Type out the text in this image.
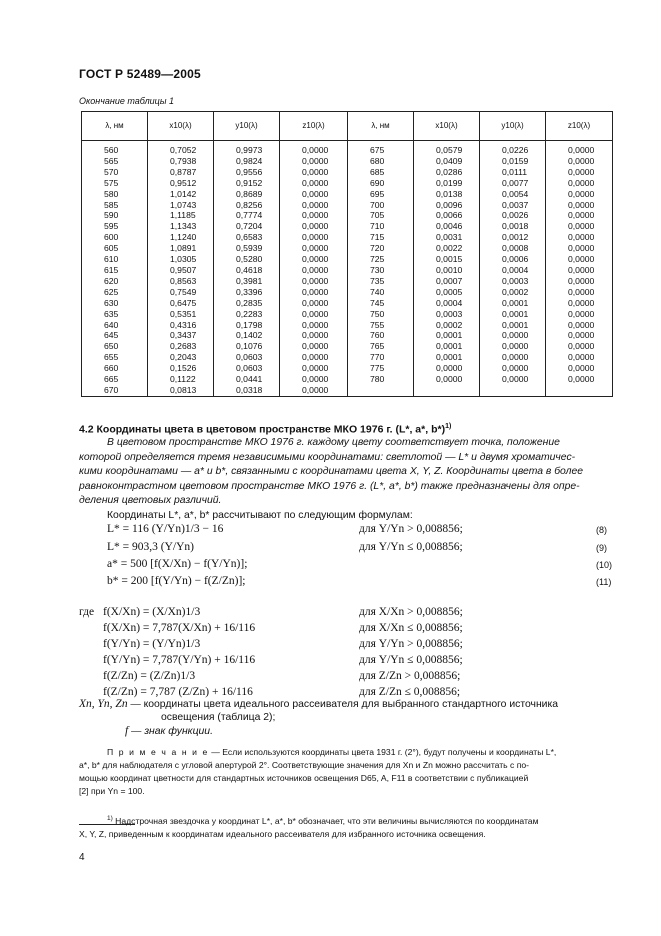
ГОСТ Р 52489—2005
Окончание таблицы 1
λ, нм	x10(λ)	y10(λ)	z10(λ)	λ, нм	x10(λ)	y10(λ)	z10(λ)
560	0,7052	0,9973	0,0000	675	0,0579	0,0226	0,0000
565	0,7938	0,9824	0,0000	680	0,0409	0,0159	0,0000
570	0,8787	0,9556	0,0000	685	0,0286	0,0111	0,0000
575	0,9512	0,9152	0,0000	690	0,0199	0,0077	0,0000
580	1,0142	0,8689	0,0000	695	0,0138	0,0054	0,0000
585	1,0743	0,8256	0,0000	700	0,0096	0,0037	0,0000
590	1,1185	0,7774	0,0000	705	0,0066	0,0026	0,0000
595	1,1343	0,7204	0,0000	710	0,0046	0,0018	0,0000
600	1,1240	0,6583	0,0000	715	0,0031	0,0012	0,0000
605	1,0891	0,5939	0,0000	720	0,0022	0,0008	0,0000
610	1,0305	0,5280	0,0000	725	0,0015	0,0006	0,0000
615	0,9507	0,4618	0,0000	730	0,0010	0,0004	0,0000
620	0,8563	0,3981	0,0000	735	0,0007	0,0003	0,0000
625	0,7549	0,3396	0,0000	740	0,0005	0,0002	0,0000
630	0,6475	0,2835	0,0000	745	0,0004	0,0001	0,0000
635	0,5351	0,2283	0,0000	750	0,0003	0,0001	0,0000
640	0,4316	0,1798	0,0000	755	0,0002	0,0001	0,0000
645	0,3437	0,1402	0,0000	760	0,0001	0,0000	0,0000
650	0,2683	0,1076	0,0000	765	0,0001	0,0000	0,0000
655	0,2043	0,0603	0,0000	770	0,0001	0,0000	0,0000
660	0,1526	0,0603	0,0000	775	0,0000	0,0000	0,0000
665	0,1122	0,0441	0,0000	780	0,0000	0,0000	0,0000
670	0,0813	0,0318	0,0000				
4.2 Координаты цвета в цветовом пространстве МКО 1976 г. (L*, a*, b*)$^{1)}$
В цветовом пространстве МКО 1976 г. каждому цвету соответствует точка, положение
которой определяется тремя независимыми координатами: светлотой — L* и двумя хроматичес-
кими координатами — a* и b*, связанными с координатами цвета X, Y, Z. Координаты цвета в более
равноконтрастном цветовом пространстве МКО 1976 г. (L*, a*, b*) также предназначены для опре-
деления цветовых различий.
Координаты L*, a*, b* рассчитывают по следующим формулам:
L* = 116 (Y/Yn)1/3 − 16	для Y/Yn > 0,008856;	(8)
L* = 903,3 (Y/Yn)	для Y/Yn ≤ 0,008856;	(9)
a* = 500 [f(X/Xn) − f(Y/Yn)];	(10)
b* = 200 [f(Y/Yn) − f(Z/Zn)];	(11)
где f(X/Xn) = (X/Xn)1/3	для X/Xn > 0,008856;
f(X/Xn) = 7,787(X/Xn) + 16/116	для X/Xn ≤ 0,008856;
f(Y/Yn) = (Y/Yn)1/3	для Y/Yn > 0,008856;
f(Y/Yn) = 7,787(Y/Yn) + 16/116	для Y/Yn ≤ 0,008856;
f(Z/Zn) = (Z/Zn)1/3	для Z/Zn > 0,008856;
f(Z/Zn) = 7,787 (Z/Zn) + 16/116	для Z/Zn ≤ 0,008856;
Xn, Yn, Zn — координаты цвета идеального рассеивателя для выбранного стандартного источника
освещения (таблица 2);
f — знак функции.
П р и м е ч а н и е — Если используются координаты цвета 1931 г. (2°), будут получены и координаты L*,
a*, b* для наблюдателя с угловой апертурой 2°. Соответствующие значения для Xn и Zn можно рассчитать с по-
мощью координат цветности для стандартных источников освещения D65, A, F11 в соответствии с публикацией
[2] при Yn = 100.
$^{1)}$ Надстрочная звездочка у координат L*, a*, b* обозначает, что эти величины вычисляются по координатам
X, Y, Z, приведенным к координатам идеального рассеивателя для избранного источника освещения.
4
